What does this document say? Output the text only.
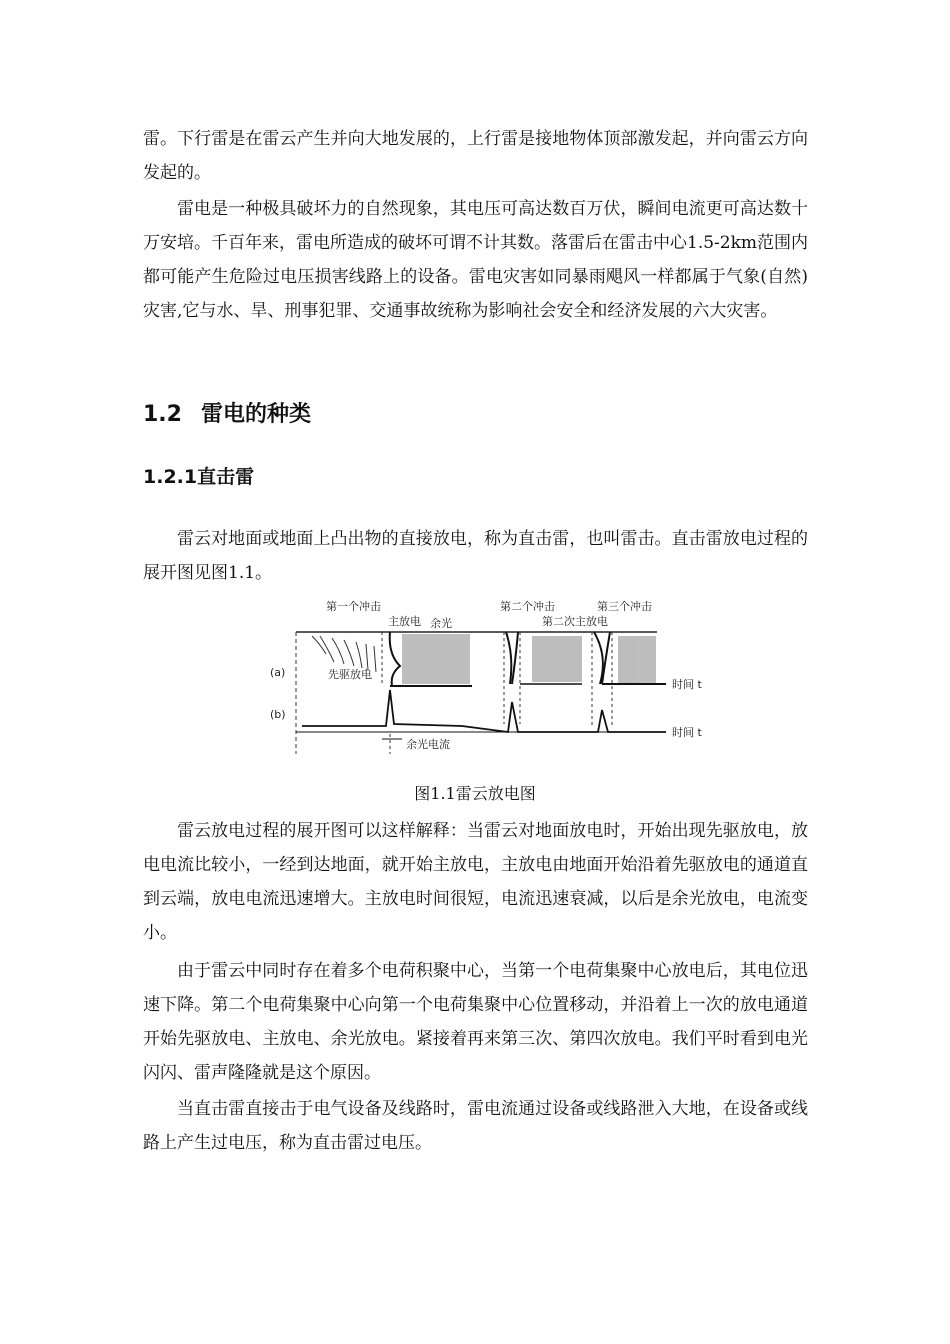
雷。下行雷是在雷云产生并向大地发展的，上行雷是接地物体顶部激发起，并向雷云方向发起的。

雷电是一种极具破坏力的自然现象，其电压可高达数百万伏，瞬间电流更可高达数十万安培。千百年来，雷电所造成的破坏可谓不计其数。落雷后在雷击中心1.5-2km范围内都可能产生危险过电压损害线路上的设备。雷电灾害如同暴雨飓风一样都属于气象(自然)灾害,它与水、旱、刑事犯罪、交通事故统称为影响社会安全和经济发展的六大灾害。

1.2 雷电的种类
1.2.1直击雷

雷云对地面或地面上凸出物的直接放电，称为直击雷，也叫雷击。直击雷放电过程的展开图见图1.1。

第一个冲击
主放电 余光
第二个冲击	第三个冲击
第二次主放电
(a)
(b)
先驱放电
时间 t
时间 t
余光电流

图1.1雷云放电图

雷云放电过程的展开图可以这样解释：当雷云对地面放电时，开始出现先驱放电，放电电流比较小，一经到达地面，就开始主放电，主放电由地面开始沿着先驱放电的通道直到云端，放电电流迅速增大。主放电时间很短，电流迅速衰减，以后是余光放电，电流变小。

由于雷云中同时存在着多个电荷积聚中心，当第一个电荷集聚中心放电后，其电位迅速下降。第二个电荷集聚中心向第一个电荷集聚中心位置移动，并沿着上一次的放电通道开始先驱放电、主放电、余光放电。紧接着再来第三次、第四次放电。我们平时看到电光闪闪、雷声隆隆就是这个原因。

当直击雷直接击于电气设备及线路时，雷电流通过设备或线路泄入大地，在设备或线路上产生过电压，称为直击雷过电压。
